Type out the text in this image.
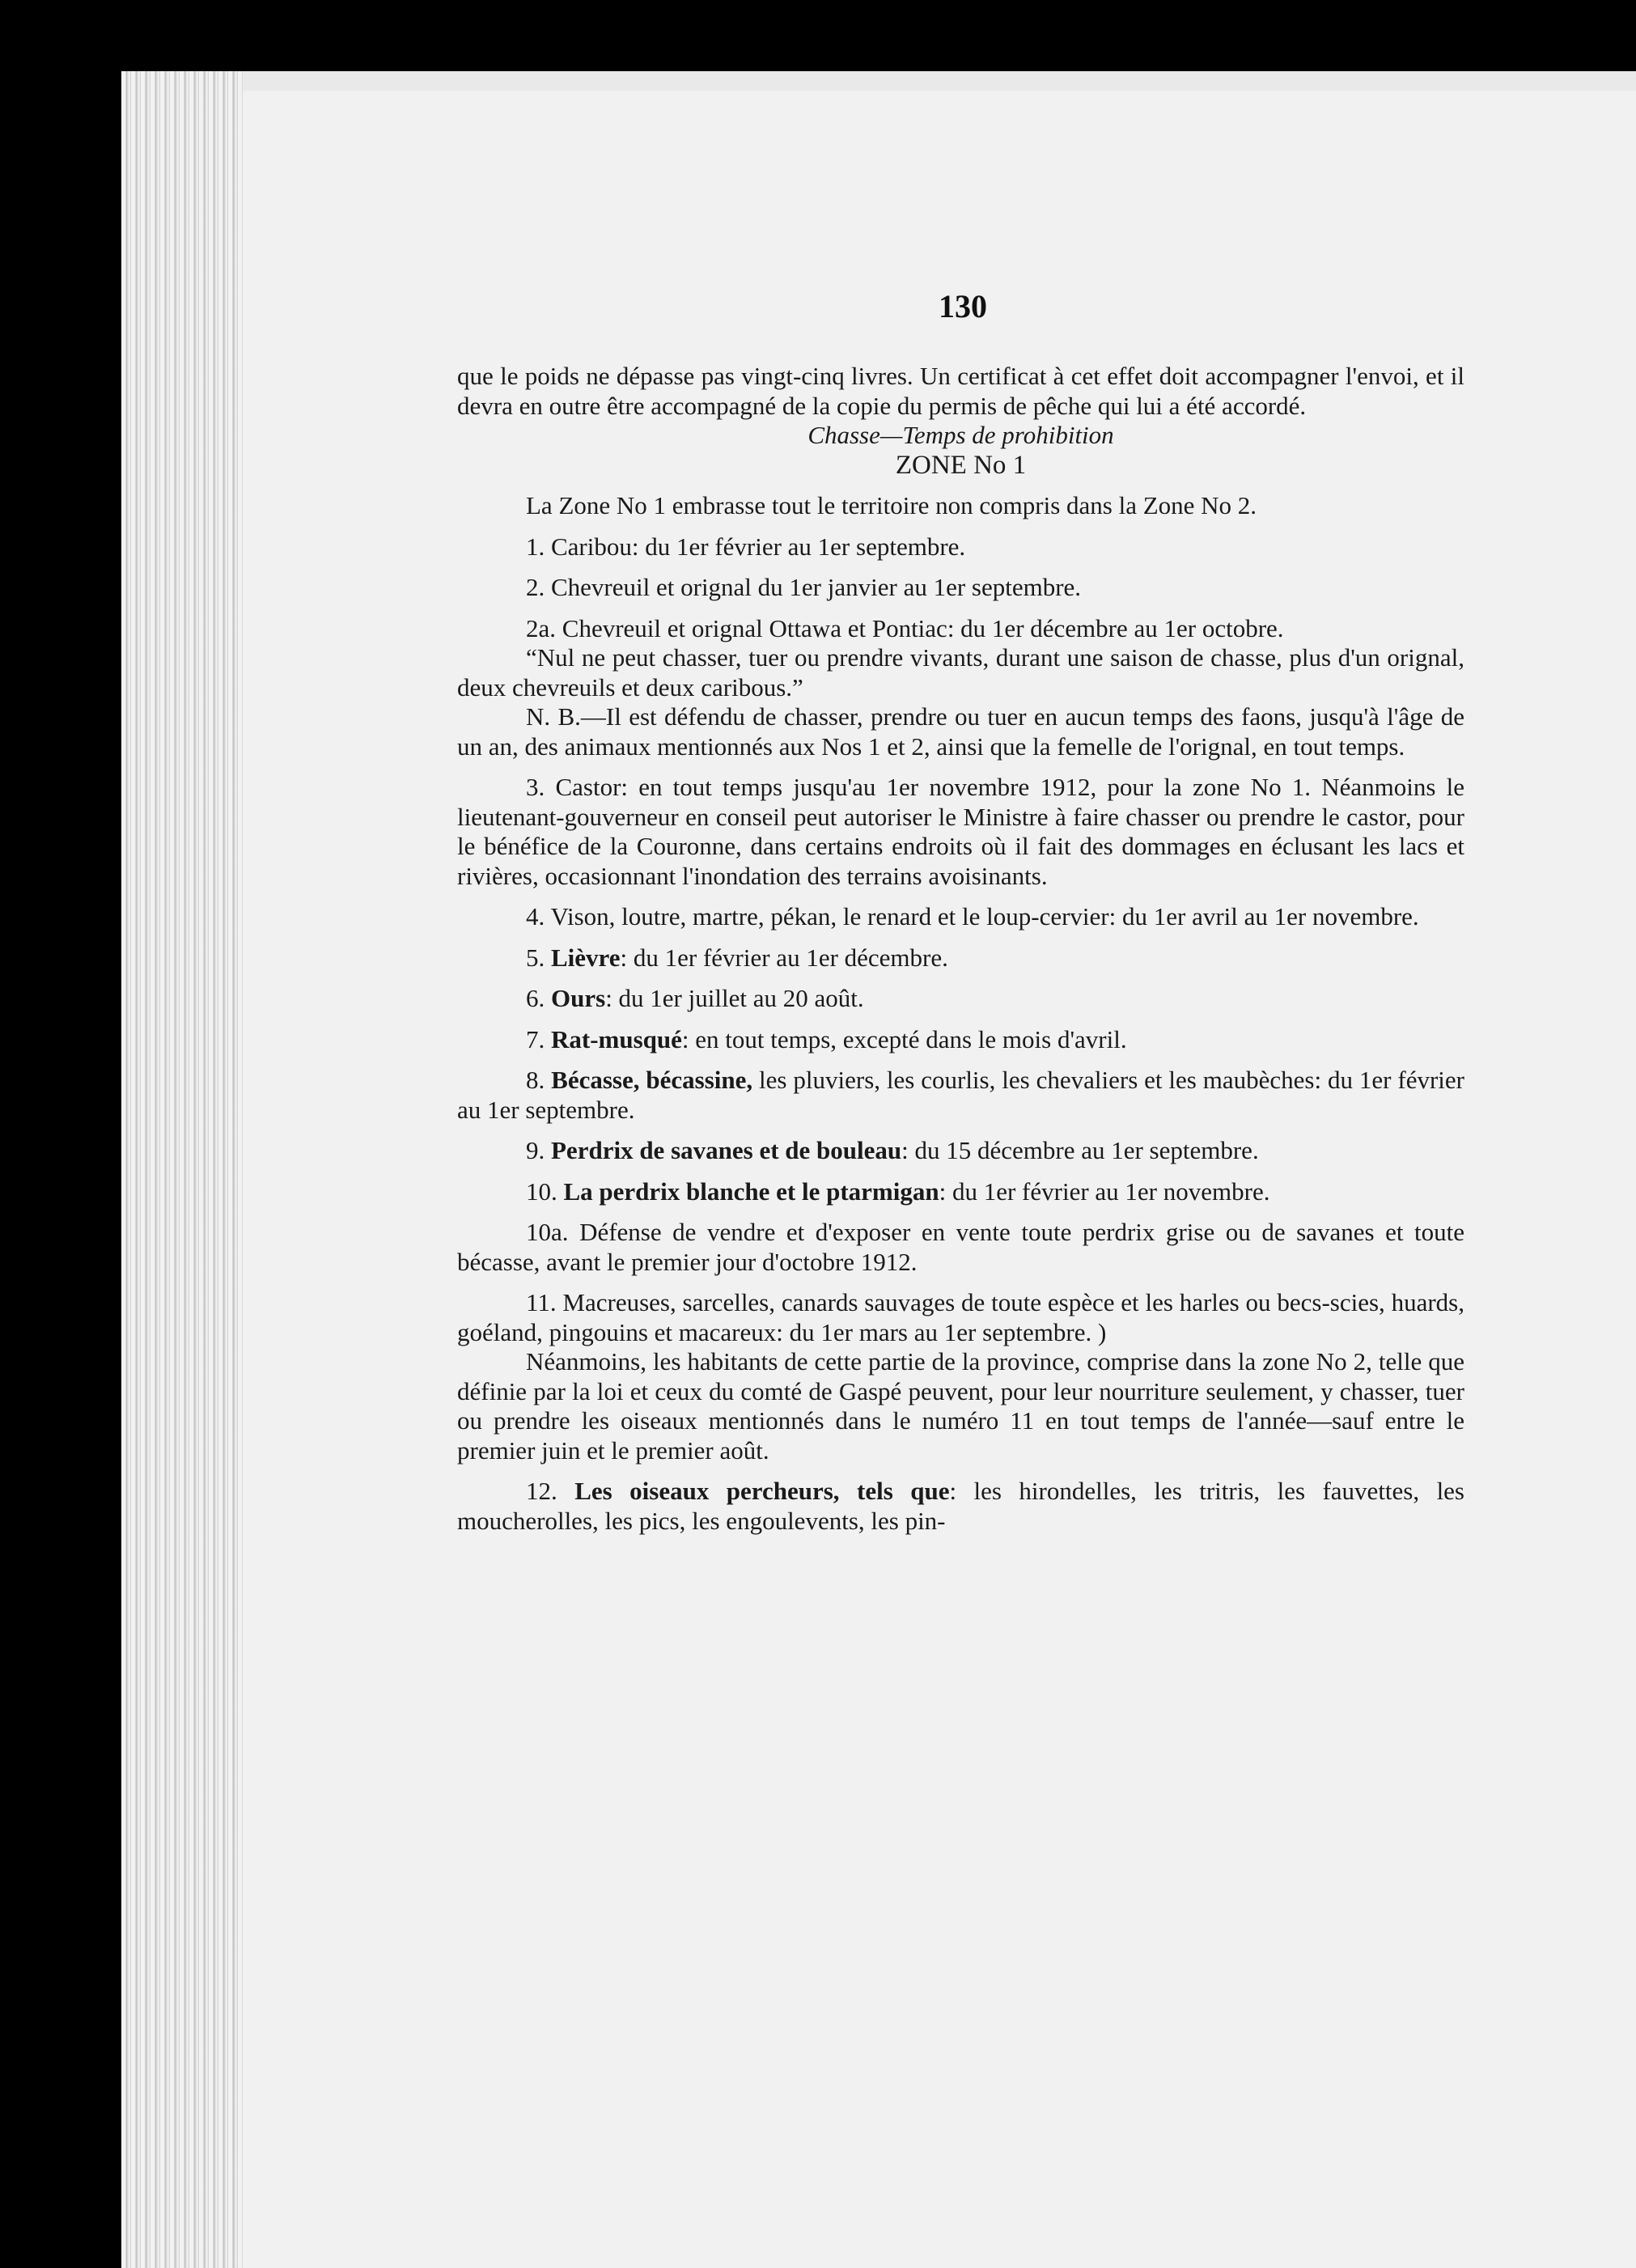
130

que le poids ne dépasse pas vingt-cinq livres. Un certificat à cet effet doit accompagner l'envoi, et il devra en outre être accompagné de la copie du permis de pêche qui lui a été accordé.

Chasse—Temps de prohibition

ZONE No 1

La Zone No 1 embrasse tout le territoire non compris dans la Zone No 2.

1. Caribou: du 1er février au 1er septembre.

2. Chevreuil et orignal du 1er janvier au 1er septembre.

2a. Chevreuil et orignal Ottawa et Pontiac: du 1er décembre au 1er octobre.

“Nul ne peut chasser, tuer ou prendre vivants, durant une saison de chasse, plus d'un orignal, deux chevreuils et deux caribous.”

N. B.—Il est défendu de chasser, prendre ou tuer en aucun temps des faons, jusqu'à l'âge de un an, des animaux mentionnés aux Nos 1 et 2, ainsi que la femelle de l'orignal, en tout temps.

3. Castor: en tout temps jusqu'au 1er novembre 1912, pour la zone No 1. Néanmoins le lieutenant-gouverneur en conseil peut autoriser le Ministre à faire chasser ou prendre le castor, pour le bénéfice de la Couronne, dans certains endroits où il fait des dommages en éclusant les lacs et rivières, occasionnant l'inondation des terrains avoisinants.

4. Vison, loutre, martre, pékan, le renard et le loup-cervier: du 1er avril au 1er novembre.

5. Lièvre: du 1er février au 1er décembre.

6. Ours: du 1er juillet au 20 août.

7. Rat-musqué: en tout temps, excepté dans le mois d'avril.

8. Bécasse, bécassine, les pluviers, les courlis, les chevaliers et les maubèches: du 1er février au 1er septembre.

9. Perdrix de savanes et de bouleau: du 15 décembre au 1er septembre.

10. La perdrix blanche et le ptarmigan: du 1er février au 1er novembre.

10a. Défense de vendre et d'exposer en vente toute perdrix grise ou de savanes et toute bécasse, avant le premier jour d'octobre 1912.

11. Macreuses, sarcelles, canards sauvages de toute espèce et les harles ou becs-scies, huards, goéland, pingouins et macareux: du 1er mars au 1er septembre. )

Néanmoins, les habitants de cette partie de la province, comprise dans la zone No 2, telle que définie par la loi et ceux du comté de Gaspé peuvent, pour leur nourriture seulement, y chasser, tuer ou prendre les oiseaux mentionnés dans le numéro 11 en tout temps de l'année—sauf entre le premier juin et le premier août.

12. Les oiseaux percheurs, tels que: les hirondelles, les tritris, les fauvettes, les moucherolles, les pics, les engoulevents, les pin-
